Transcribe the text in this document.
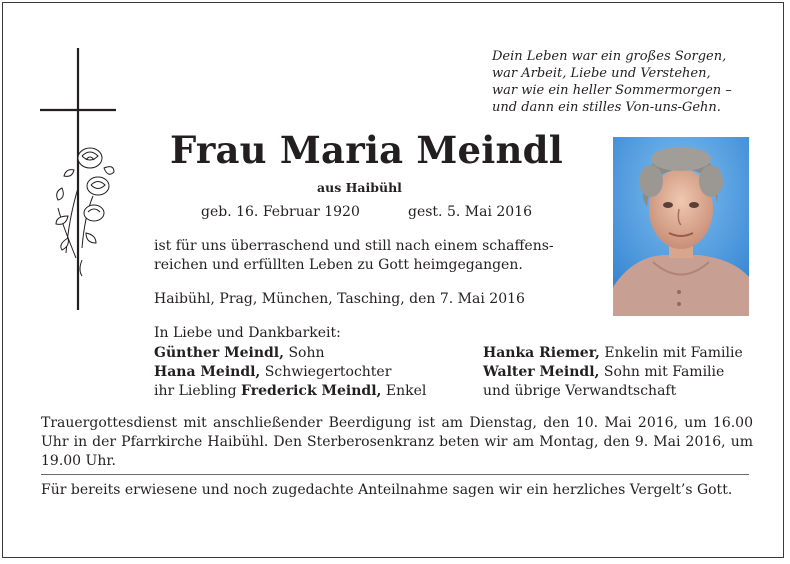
Dein Leben war ein großes Sorgen,
war Arbeit, Liebe und Verstehen,
war wie ein heller Sommermorgen –
und dann ein stilles Von-uns-Gehn.
Frau Maria Meindl
aus Haibühl
geb. 16. Februar 1920	gest. 5. Mai 2016
ist für uns überraschend und still nach einem schaffens-
reichen und erfüllten Leben zu Gott heimgegangen.
Haibühl, Prag, München, Tasching, den 7. Mai 2016
In Liebe und Dankbarkeit:
Günther Meindl, Sohn
Hana Meindl, Schwiegertochter
ihr Liebling Frederick Meindl, Enkel
Hanka Riemer, Enkelin mit Familie
Walter Meindl, Sohn mit Familie
und übrige Verwandtschaft
Trauergottesdienst mit anschließender Beerdigung ist am Dienstag, den 10. Mai 2016, um 16.00 Uhr in der Pfarrkirche Haibühl. Den Sterberosenkranz beten wir am Montag, den 9. Mai 2016, um 19.00 Uhr.
Für bereits erwiesene und noch zugedachte Anteilnahme sagen wir ein herzliches Vergelt’s Gott.
